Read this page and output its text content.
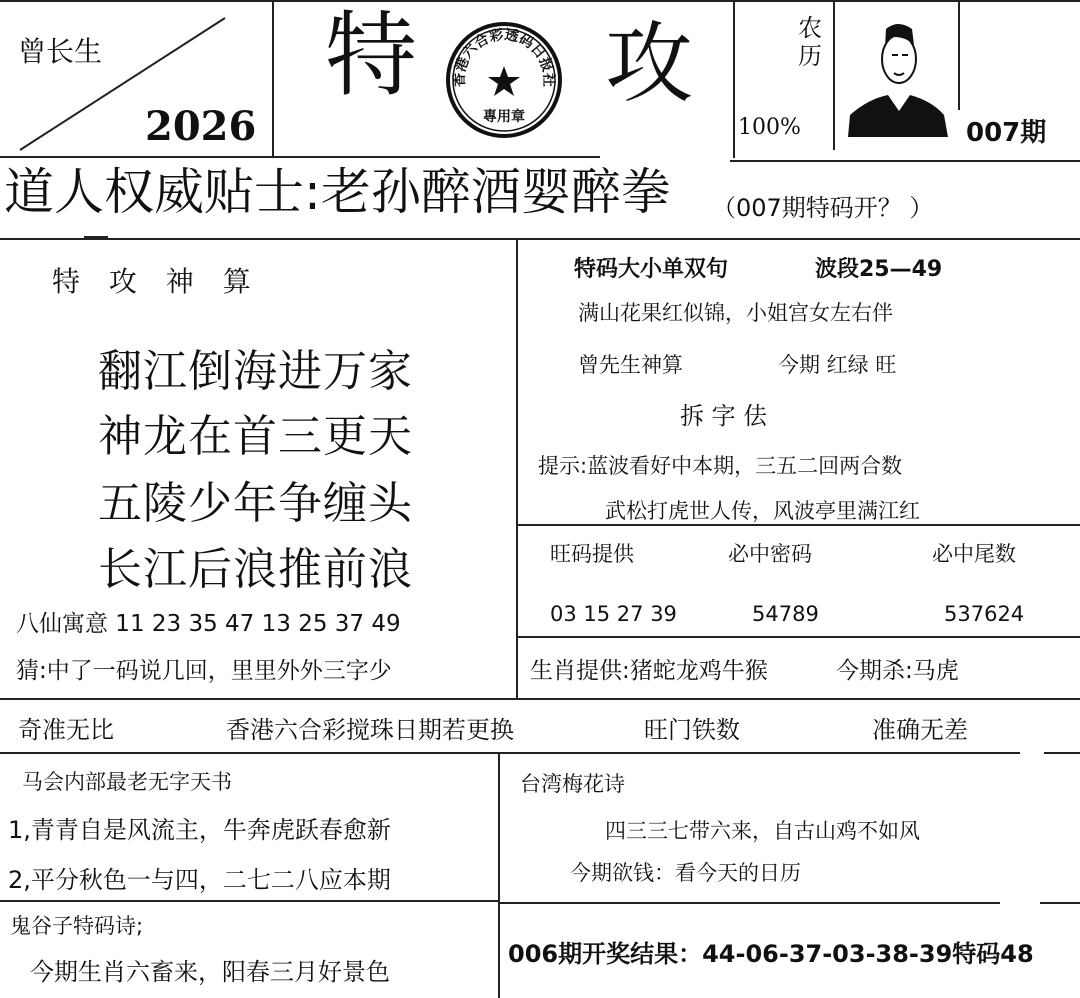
曾长生
2026
特 攻
香港六合彩透码日报社
專用章
农历
100%	007期
道人权威贴士:老孙醉酒婴醉拳 （007期特码开？ ）
特 攻 神 算
翻江倒海进万家
神龙在首三更天
五陵少年争缠头
长江后浪推前浪
八仙寓意 11 23 35 47 13 25 37 49
猜:中了一码说几回，里里外外三字少
特码大小单双句	波段25—49
满山花果红似锦，小姐宫女左右伴
曾先生神算	今期 红绿 旺
拆 字 佉
提示:蓝波看好中本期，三五二回两合数
武松打虎世人传，风波亭里满江红
旺码提供	必中密码	必中尾数
03 15 27 39	54789	537624
生肖提供:猪蛇龙鸡牛猴	今期杀:马虎
奇准无比	香港六合彩搅珠日期若更换	旺门铁数	准确无差
马会内部最老无字天书
1,青青自是风流主，牛奔虎跃春愈新
2,平分秋色一与四，二七二八应本期
鬼谷子特码诗;
今期生肖六畜来，阳春三月好景色
台湾梅花诗
四三三七带六来，自古山鸡不如风
今期欲钱：看今天的日历
006期开奖结果：44-06-37-03-38-39特码48
